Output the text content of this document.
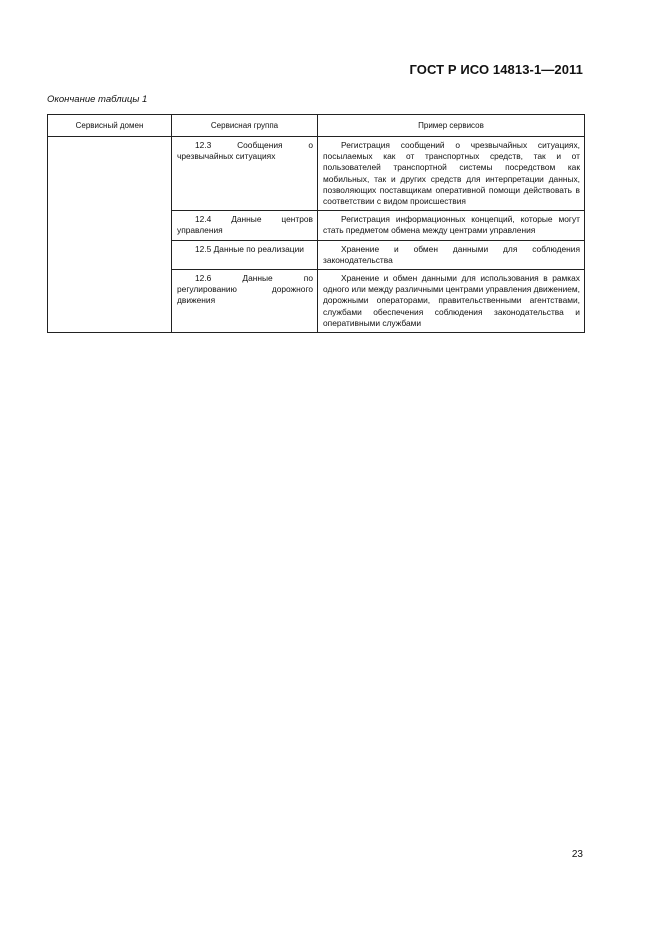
ГОСТ Р ИСО 14813-1—2011
Окончание таблицы 1
Сервисный домен	Сервисная группа	Пример сервисов

	12.3 Сообщения о чрезвычайных ситуациях	Регистрация сообщений о чрезвычайных ситуациях, посылаемых как от транспортных средств, так и от пользователей транспортной системы посредством как мобильных, так и других средств для интерпретации данных, позволяющих поставщикам оперативной помощи действовать в соответствии с видом происшествия

	12.4 Данные центров управления	Регистрация информационных концепций, которые могут стать предметом обмена между центрами управления

	12.5 Данные по реализации	Хранение и обмен данными для соблюдения законодательства

	12.6 Данные по регулированию дорожного движения	Хранение и обмен данными для использования в рамках одного или между различными центрами управления движением, дорожными операторами, правительственными агентствами, службами обеспечения соблюдения законодательства и оперативными службами
23
